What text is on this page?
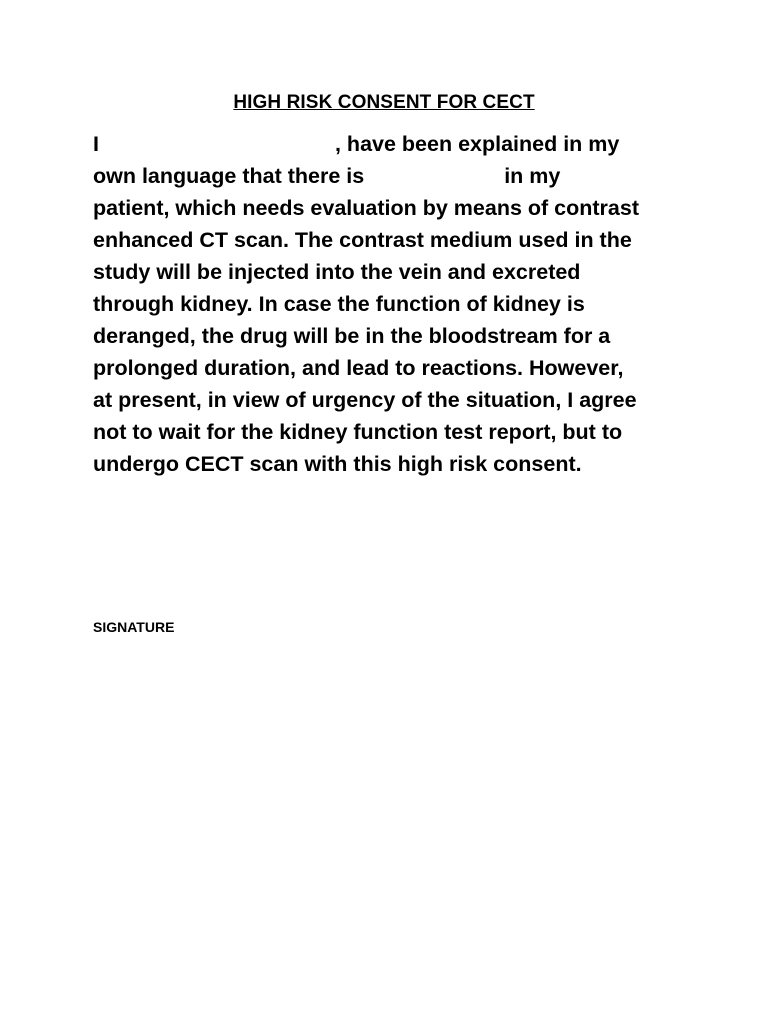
HIGH RISK CONSENT FOR CECT
I	, have been explained in my
own language that there is	in my
patient, which needs evaluation by means of contrast
enhanced CT scan. The contrast medium used in the
study will be injected into the vein and excreted
through kidney. In case the function of kidney is
deranged, the drug will be in the bloodstream for a
prolonged duration, and lead to reactions. However,
at present, in view of urgency of the situation, I agree
not to wait for the kidney function test report, but to
undergo CECT scan with this high risk consent.
SIGNATURE
